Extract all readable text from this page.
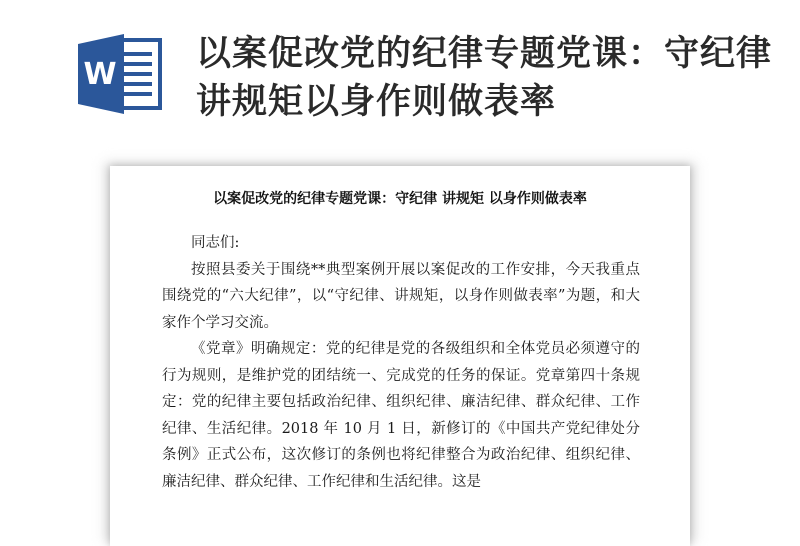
W
以案促改党的纪律专题党课：守纪律讲规矩以身作则做表率
以案促改党的纪律专题党课：守纪律 讲规矩 以身作则做表率

同志们:

按照县委关于围绕**典型案例开展以案促改的工作安排，今天我重点围绕党的“六大纪律”，以“守纪律、讲规矩，以身作则做表率”为题，和大家作个学习交流。

《党章》明确规定：党的纪律是党的各级组织和全体党员必须遵守的行为规则，是维护党的团结统一、完成党的任务的保证。党章第四十条规定：党的纪律主要包括政治纪律、组织纪律、廉洁纪律、群众纪律、工作纪律、生活纪律。2018 年 10 月 1 日，新修订的《中国共产党纪律处分条例》正式公布，这次修订的条例也将纪律整合为政治纪律、组织纪律、廉洁纪律、群众纪律、工作纪律和生活纪律。这是
